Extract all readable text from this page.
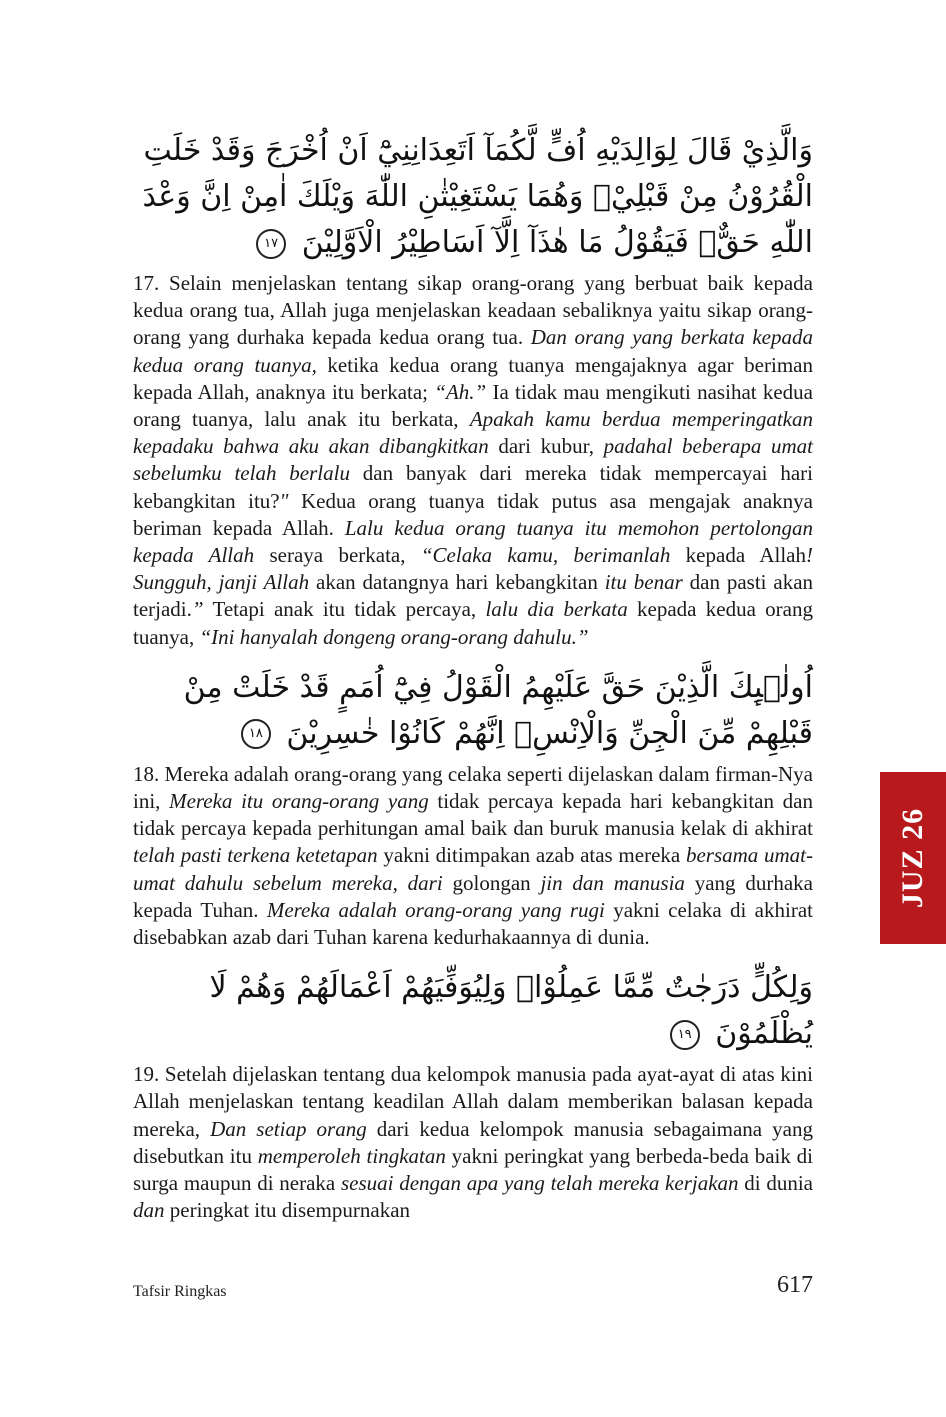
وَالَّذِيْ قَالَ لِوَالِدَيْهِ اُفٍّ لَّكُمَآ اَتَعِدَانِنِيْٓ اَنْ اُخْرَجَ وَقَدْ خَلَتِ الْقُرُوْنُ مِنْ قَبْلِيْۚ وَهُمَا يَسْتَغِيْثٰنِ اللّٰهَ وَيْلَكَ اٰمِنْ اِنَّ وَعْدَ اللّٰهِ حَقٌّۚ فَيَقُوْلُ مَا هٰذَآ اِلَّآ اَسَاطِيْرُ الْاَوَّلِيْنَ ١٧

17. Selain menjelaskan tentang sikap orang-orang yang berbuat baik kepada kedua orang tua, Allah juga menjelaskan keadaan sebaliknya yaitu sikap orang-orang yang durhaka kepada kedua orang tua. Dan orang yang berkata kepada kedua orang tuanya, ketika kedua orang tuanya mengajaknya agar beriman kepada Allah, anaknya itu berkata; “Ah.” Ia tidak mau mengikuti nasihat kedua orang tuanya, lalu anak itu berkata, Apakah kamu berdua memperingatkan kepadaku bahwa aku akan dibangkitkan dari kubur, padahal beberapa umat sebelumku telah berlalu dan banyak dari mereka tidak mempercayai hari kebangkitan itu?" Kedua orang tuanya tidak putus asa mengajak anaknya beriman kepada Allah. Lalu kedua orang tuanya itu memohon pertolongan kepada Allah seraya berkata, “Celaka kamu, berimanlah kepada Allah! Sungguh, janji Allah akan datangnya hari kebangkitan itu benar dan pasti akan terjadi.” Tetapi anak itu tidak percaya, lalu dia berkata kepada kedua orang tuanya, “Ini hanyalah dongeng orang-orang dahulu.”

اُولٰۤىِٕكَ الَّذِيْنَ حَقَّ عَلَيْهِمُ الْقَوْلُ فِيْٓ اُمَمٍ قَدْ خَلَتْ مِنْ قَبْلِهِمْ مِّنَ الْجِنِّ وَالْاِنْسِۗ اِنَّهُمْ كَانُوْا خٰسِرِيْنَ ١٨

18. Mereka adalah orang-orang yang celaka seperti dijelaskan dalam firman-Nya ini, Mereka itu orang-orang yang tidak percaya kepada hari kebangkitan dan tidak percaya kepada perhitungan amal baik dan buruk manusia kelak di akhirat telah pasti terkena ketetapan yakni ditimpakan azab atas mereka bersama umat-umat dahulu sebelum mereka, dari golongan jin dan manusia yang durhaka kepada Tuhan. Mereka adalah orang-orang yang rugi yakni celaka di akhirat disebabkan azab dari Tuhan karena kedurhakaannya di dunia.

وَلِكُلٍّ دَرَجٰتٌ مِّمَّا عَمِلُوْاۚ وَلِيُوَفِّيَهُمْ اَعْمَالَهُمْ وَهُمْ لَا يُظْلَمُوْنَ ١٩

19. Setelah dijelaskan tentang dua kelompok manusia pada ayat-ayat di atas kini Allah menjelaskan tentang keadilan Allah dalam memberikan balasan kepada mereka, Dan setiap orang dari kedua kelompok manusia sebagaimana yang disebutkan itu memperoleh tingkatan yakni peringkat yang berbeda-beda baik di surga maupun di neraka sesuai dengan apa yang telah mereka kerjakan di dunia dan peringkat itu disempurnakan

JUZ 26
Tafsir Ringkas	617
